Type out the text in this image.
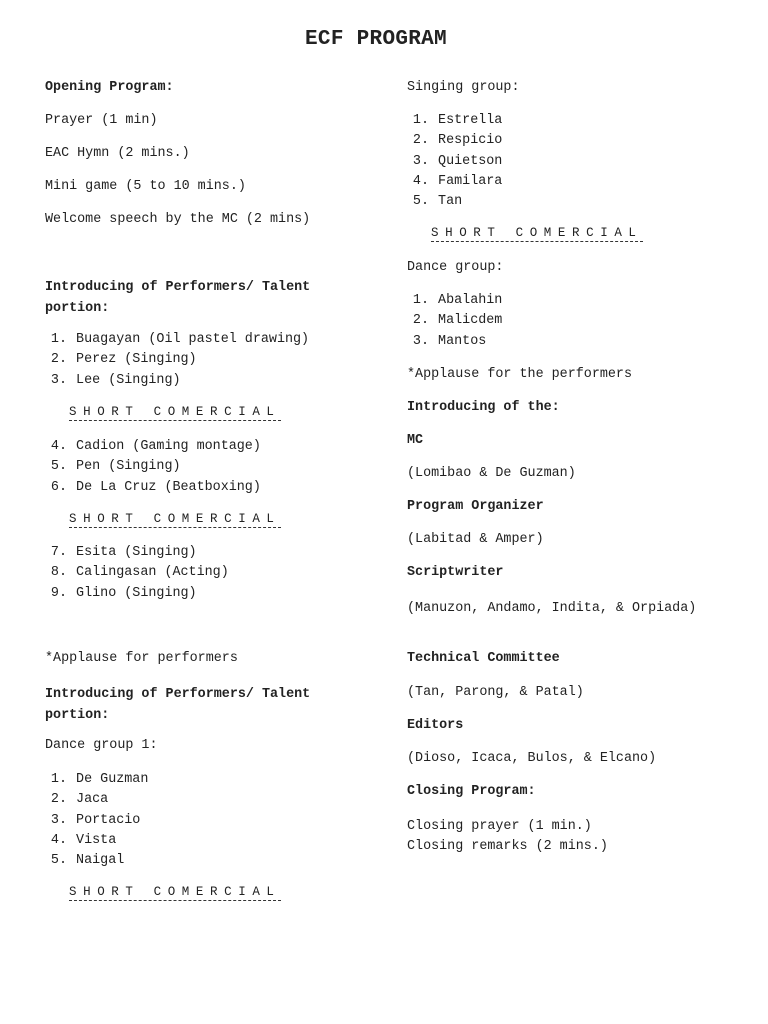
ECF PROGRAM
Opening Program:
Prayer (1 min)
EAC Hymn (2 mins.)
Mini game (5 to 10 mins.)
Welcome speech by the MC (2 mins)
Introducing of Performers/ Talent portion:
1.
Buagayan (Oil pastel drawing)
2.
Perez (Singing)
3.
Lee (Singing)
SHORT COMERCIAL
4.
Cadion (Gaming montage)
5.
Pen (Singing)
6.
De La Cruz (Beatboxing)
SHORT COMERCIAL
7.
Esita (Singing)
8.
Calingasan (Acting)
9.
Glino (Singing)
*Applause for performers
Introducing of Performers/ Talent portion:
Dance group 1:
1.
De Guzman
2.
Jaca
3.
Portacio
4.
Vista
5.
Naigal
SHORT COMERCIAL
Singing group:
1.
Estrella
2.
Respicio
3.
Quietson
4.
Familara
5.
Tan
SHORT COMERCIAL
Dance group:
1.
Abalahin
2.
Malicdem
3.
Mantos
*Applause for the performers
Introducing of the:
MC
(Lomibao & De Guzman)
Program Organizer
(Labitad & Amper)
Scriptwriter
(Manuzon, Andamo, Indita, & Orpiada)
Technical Committee
(Tan, Parong, & Patal)
Editors
(Dioso, Icaca, Bulos, & Elcano)
Closing Program:
Closing prayer (1 min.)
Closing remarks (2 mins.)
